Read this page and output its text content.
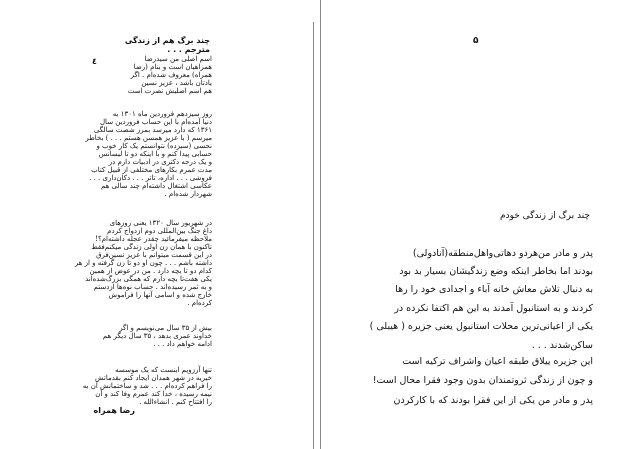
چند برگ هم از زندگی
مترجم . . .
٤	اسم اصلی من سیدرضا
همراهیان است و بنام (رضا
همراه) معروف شده‌ام . اگر
یادتان باشد ، عزیز نسین
هم اسم اصلیش نصرت است
روز سیزدهم فروردین ماه ۱۳۰۱ به
دنیا آمده‌ام با این حساب فروردین سال
۱۳۶۱ که دارد میرسد بمرز شصت سالگی
میرسم ( با عزیز همسن هستم . . . ) بخاطر
نحسی (سیزده) نتوانستم یک کار خوب و
حسابی پیدا کنم و با اینکه دو تا لیسانس
و یک درجه دکتری در ادبیات دارم در
مدت عمرم بکارهای مختلفی از قبیل کتاب
فروشی . . . اداره، تاتر . . . دکان‌داری . . .
عکاسی اشتغال داشته‌ام چند سالی هم
شهردار شده‌ام .
در شهریور سال ۱۳۲۰ یعنی روزهای
داغ جنگ بین‌المللی دوم ازدواج کردم
ملاحظه میفرمائید چقدر عجله داشته‌ام؟!
تاکنون با همان زن اولی زندگی میکنم‌فقط
در این قسمت میتوانم با عزیز نسین‌فرق
داشته باشم . . . چون او دو تا زن گرفته و از هر
کدام دو تا بچه دارد . من در عوض از همین
یکی هفت‌تا بچه دارم که همگی بزرگ‌شده‌اند
و به ثمر رسیده‌اند . حساب نوه‌ها ازدستم
خارج شده و اسامی آنها را فراموش
کرده‌ام .
بیش از ۳۵ سال می‌نویسم و اگر
خداوند عمری بدهد ، ۳۵ سال دیگر هم
ادامه خواهم داد . . .
تنها آرزویم اینست که یک موسسه
خیریه در شهر همدان ایجاد کنم بقدماتش
را فراهم کرده‌ام . . . شد و ساختمانش آن به
نیمه رسیده ، خدا کند عمرم وفا کند و آن
را افتتاح کنم . انشاءالله .
رضا همراه
۵
چند برگ از زندگی خودم
پدر و مادر من‌هردو دهاتی‌واهل‌منطقه(آنادولی)
بودند اما بخاطر اینکه وضع زندگیشان بسیار بد بود
به دنبال تلاش معاش خانه آباء و اجدادی خود را رها
کردند و به استانبول آمدند به این هم اکتفا نکرده در
یکی از اعیانی‌ترین محلات استانبول یعنی جزیره ( هیبلی )
ساکن‌شدند . . .
این جزیره ییلاق طبقه اعیان واشراف ترکیه است
و چون از زندگی ثروتمندان بدون وجود فقرا محال است!
پدر و مادر من یکی از این فقرا بودند که با کارکردن
